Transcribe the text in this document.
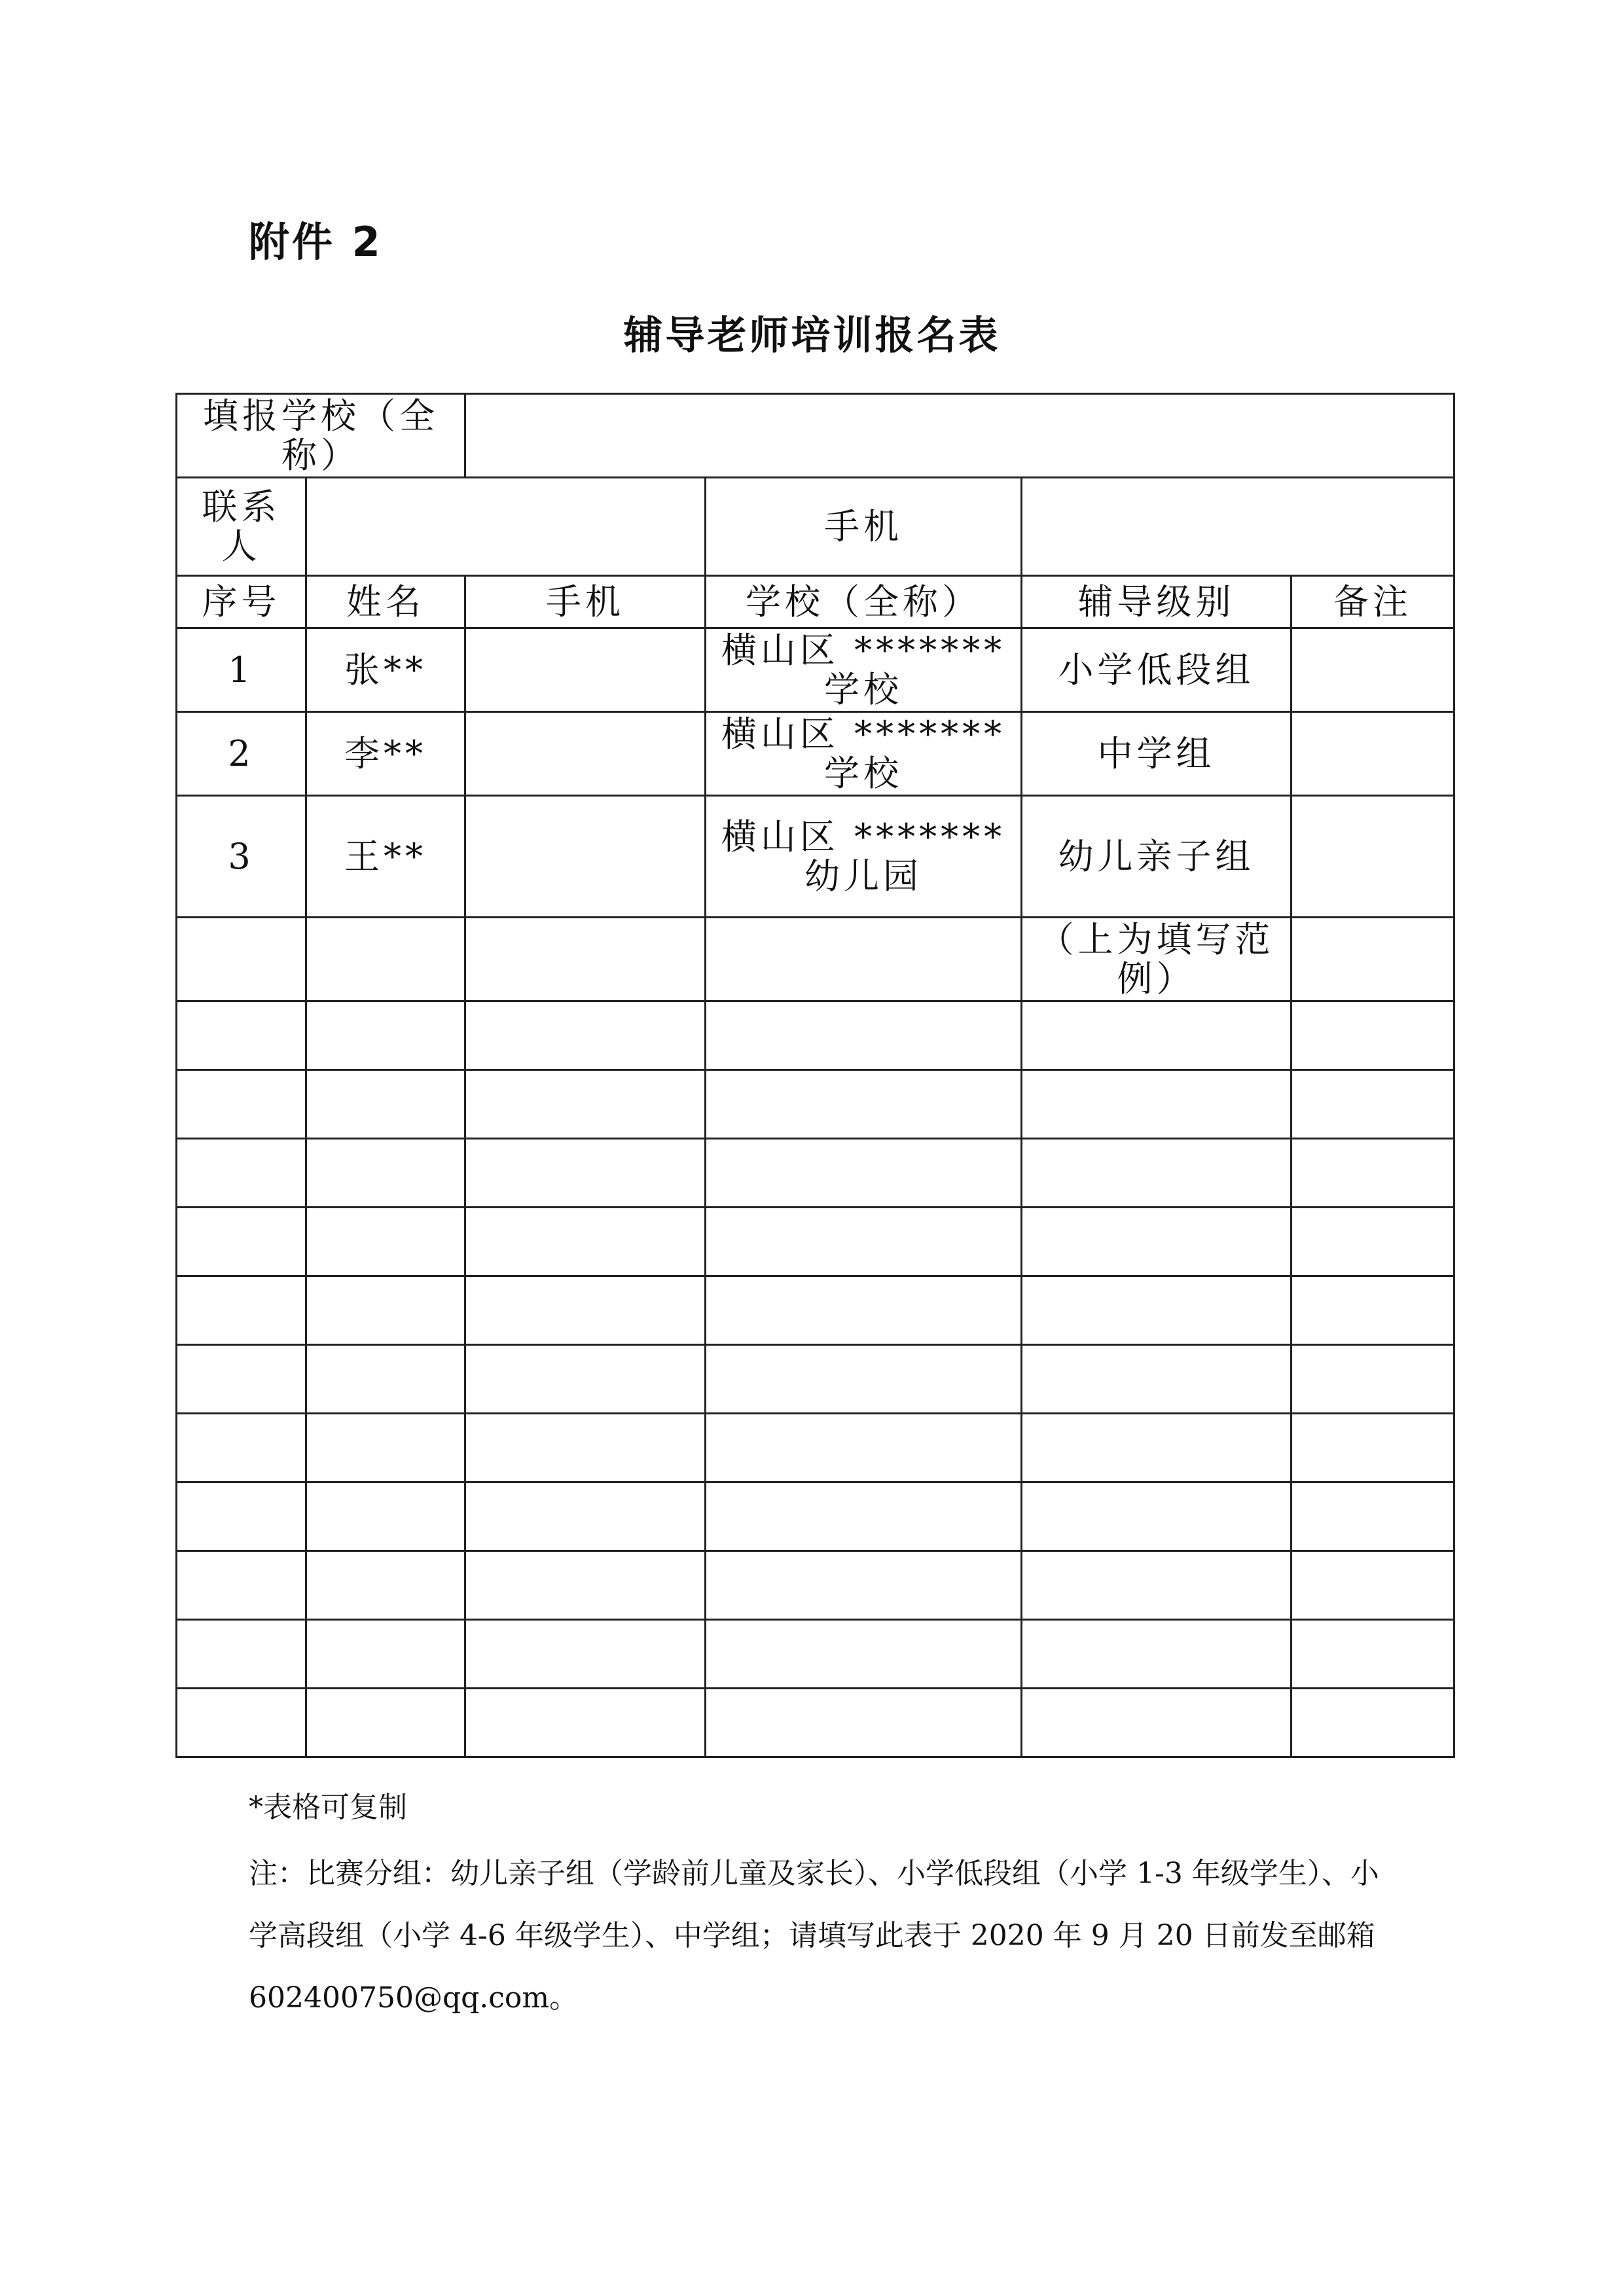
附件 2
辅导老师培训报名表
填报学校（全称）					
联系人			手机		
序号	姓名	手机	学校（全称）	辅导级别	备注
1	张**		横山区 *******学校	小学低段组	
2	李**		横山区 *******学校	中学组	
3	王**		横山区 *******幼儿园	幼儿亲子组	
				（上为填写范例）	

*表格可复制
注：比赛分组：幼儿亲子组（学龄前儿童及家长）、小学低段组（小学 1-3 年级学生）、小学高段组（小学 4-6 年级学生）、中学组；请填写此表于 2020 年 9 月 20 日前发至邮箱 602400750@qq.com。
